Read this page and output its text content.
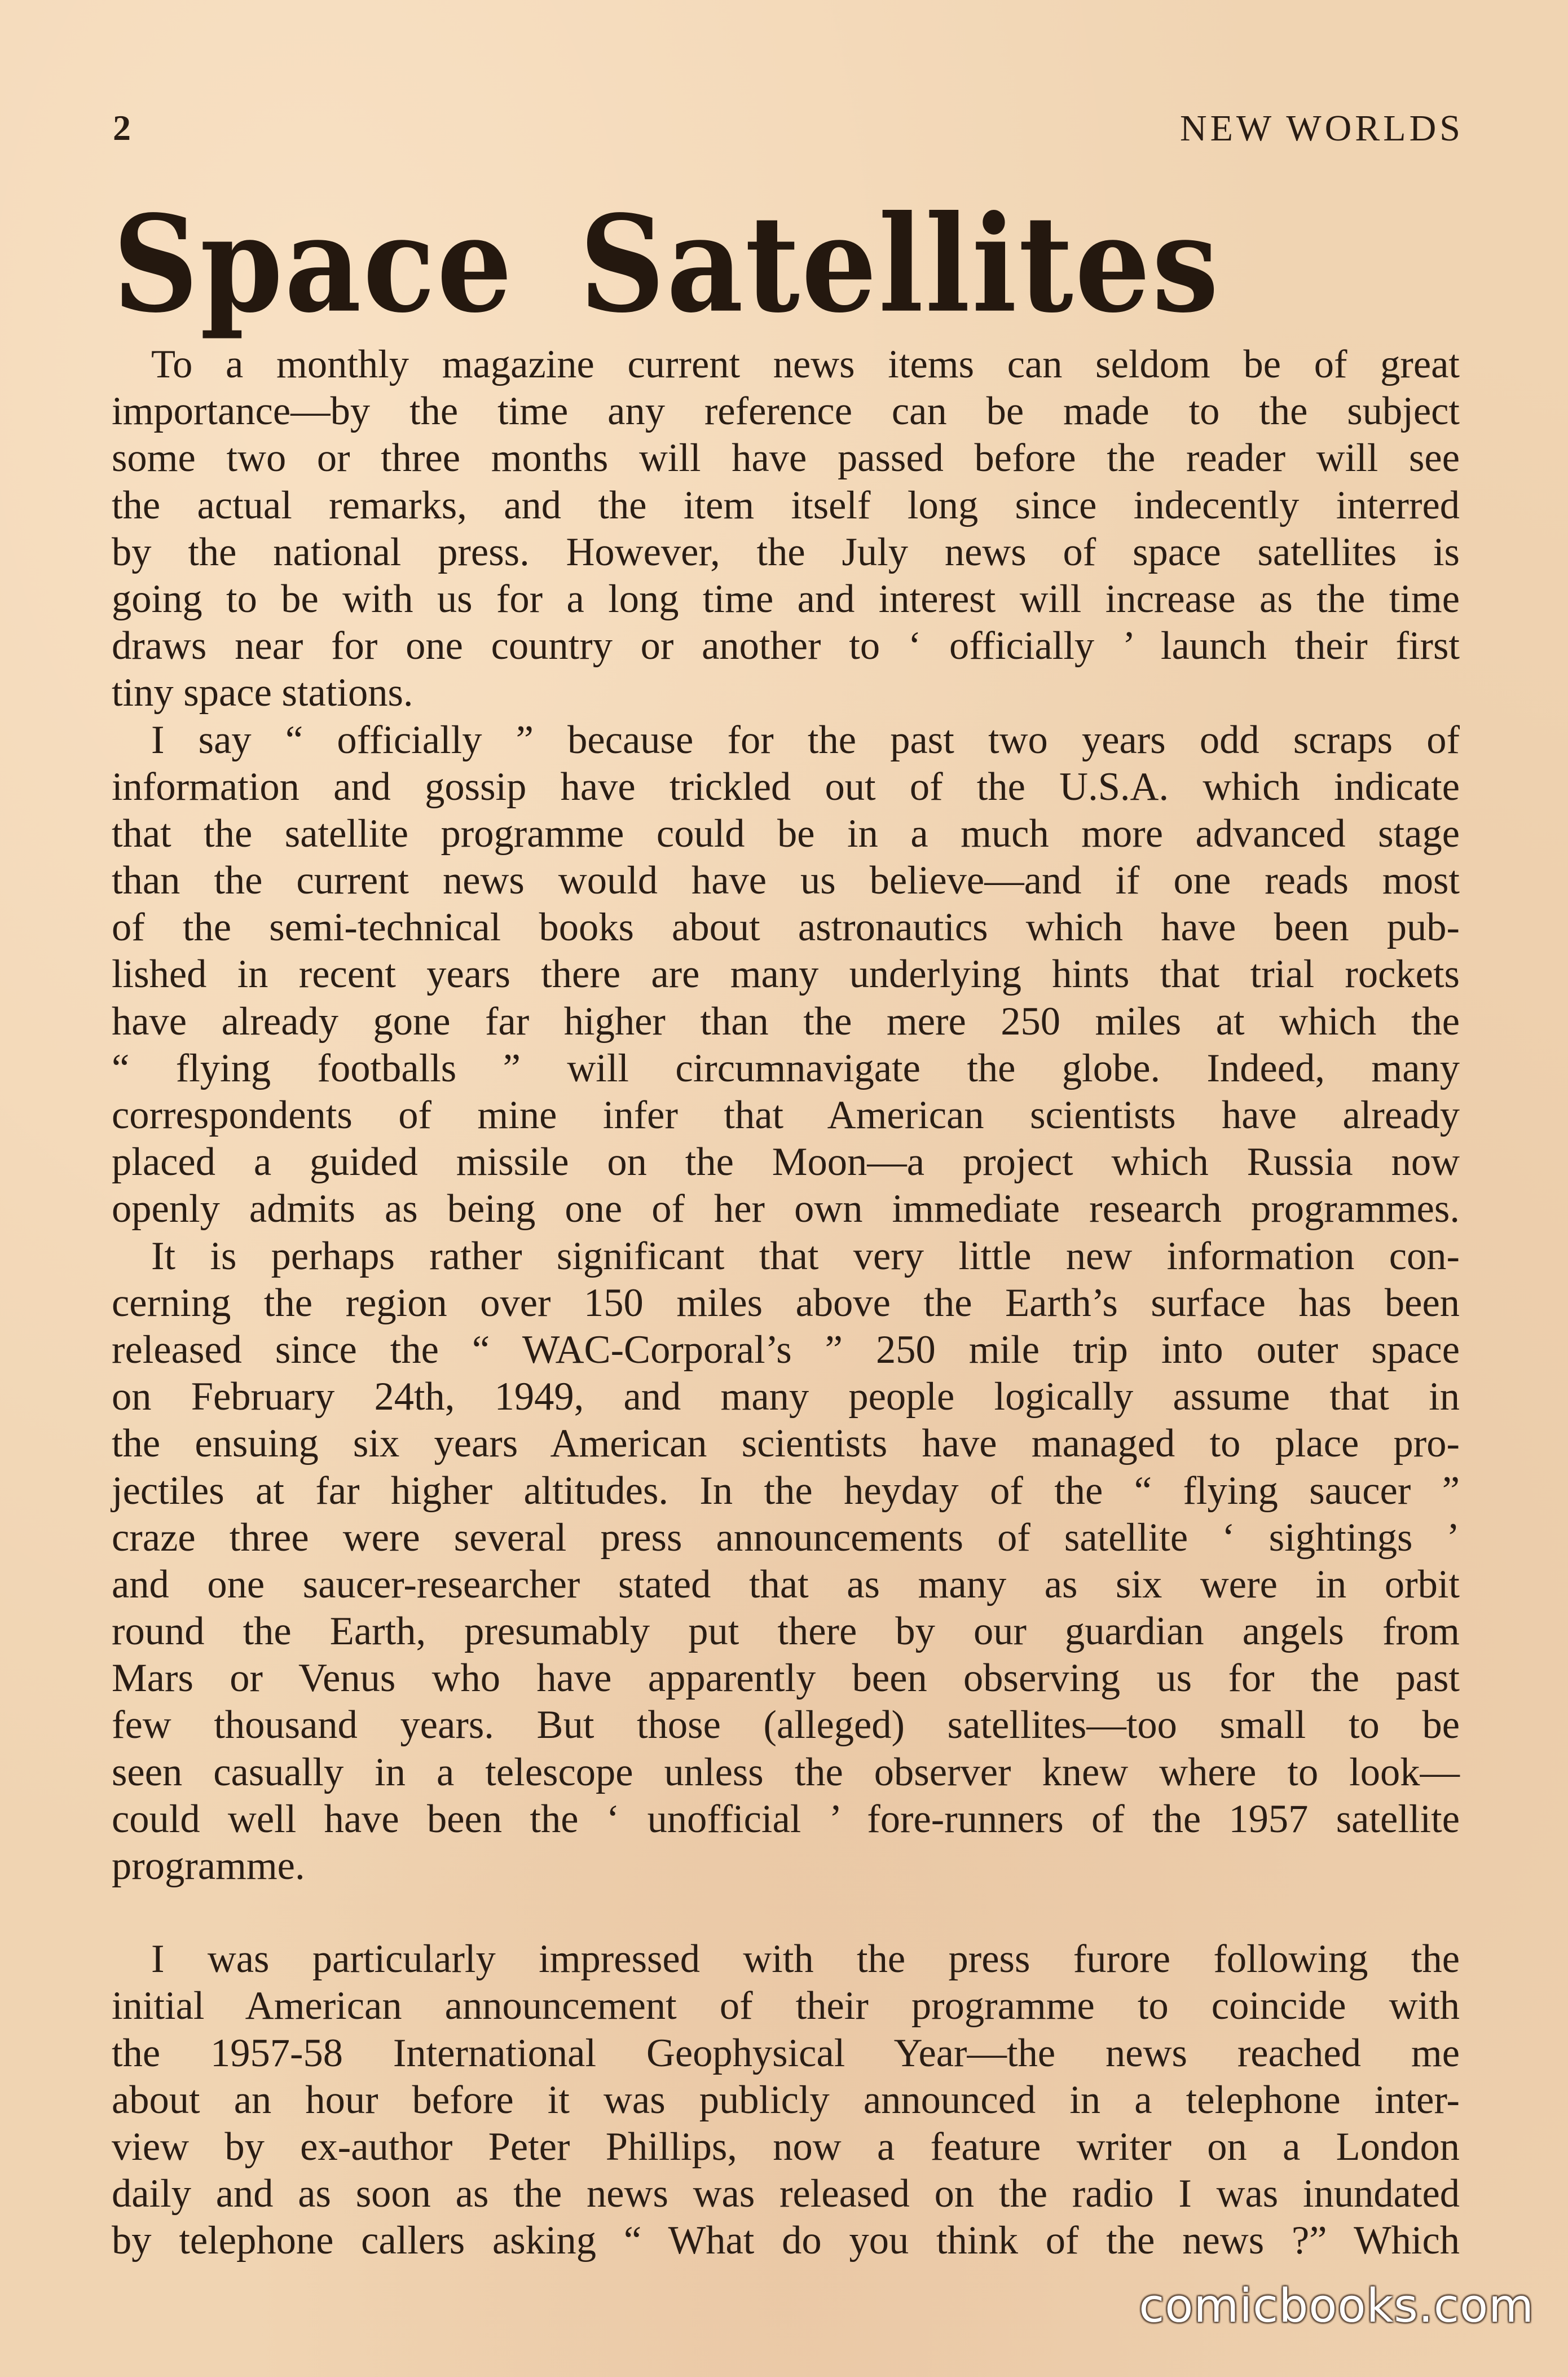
2	NEW WORLDS
Space Satellites

To a monthly magazine current news items can seldom be of great
importance—by the time any reference can be made to the subject
some two or three months will have passed before the reader will see
the actual remarks, and the item itself long since indecently interred
by the national press. However, the July news of space satellites is
going to be with us for a long time and interest will increase as the time
draws near for one country or another to ‘ officially ’ launch their first
tiny space stations.

I say “ officially ” because for the past two years odd scraps of
information and gossip have trickled out of the U.S.A. which indicate
that the satellite programme could be in a much more advanced stage
than the current news would have us believe—and if one reads most
of the semi-technical books about astronautics which have been pub-
lished in recent years there are many underlying hints that trial rockets
have already gone far higher than the mere 250 miles at which the
“ flying footballs ” will circumnavigate the globe. Indeed, many
correspondents of mine infer that American scientists have already
placed a guided missile on the Moon—a project which Russia now
openly admits as being one of her own immediate research programmes.

It is perhaps rather significant that very little new information con-
cerning the region over 150 miles above the Earth’s surface has been
released since the “ WAC-Corporal’s ” 250 mile trip into outer space
on February 24th, 1949, and many people logically assume that in
the ensuing six years American scientists have managed to place pro-
jectiles at far higher altitudes. In the heyday of the “ flying saucer ”
craze three were several press announcements of satellite ‘ sightings ’
and one saucer-researcher stated that as many as six were in orbit
round the Earth, presumably put there by our guardian angels from
Mars or Venus who have apparently been observing us for the past
few thousand years. But those (alleged) satellites—too small to be
seen casually in a telescope unless the observer knew where to look—
could well have been the ‘ unofficial ’ fore-runners of the 1957 satellite
programme.

I was particularly impressed with the press furore following the
initial American announcement of their programme to coincide with
the 1957-58 International Geophysical Year—the news reached me
about an hour before it was publicly announced in a telephone inter-
view by ex-author Peter Phillips, now a feature writer on a London
daily and as soon as the news was released on the radio I was inundated
by telephone callers asking “ What do you think of the news ?” Which

comicbooks.com
